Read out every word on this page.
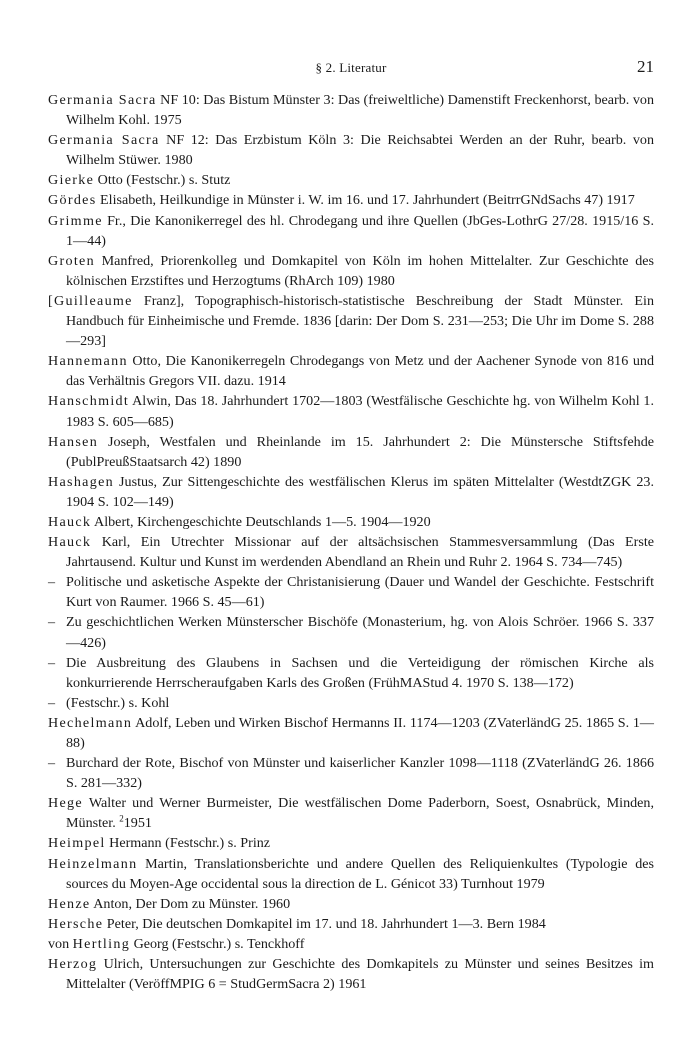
§ 2. Literatur	21

Germania Sacra NF 10: Das Bistum Münster 3: Das (freiweltliche) Damenstift Freckenhorst, bearb. von Wilhelm Kohl. 1975

Germania Sacra NF 12: Das Erzbistum Köln 3: Die Reichsabtei Werden an der Ruhr, bearb. von Wilhelm Stüwer. 1980

Gierke Otto (Festschr.) s. Stutz

Gördes Elisabeth, Heilkundige in Münster i. W. im 16. und 17. Jahrhundert (BeitrrGNdSachs 47) 1917

Grimme Fr., Die Kanonikerregel des hl. Chrodegang und ihre Quellen (JbGes-LothrG 27/28. 1915/16 S. 1—44)

Groten Manfred, Priorenkolleg und Domkapitel von Köln im hohen Mittelalter. Zur Geschichte des kölnischen Erzstiftes und Herzogtums (RhArch 109) 1980

[Guilleaume Franz], Topographisch-historisch-statistische Beschreibung der Stadt Münster. Ein Handbuch für Einheimische und Fremde. 1836 [darin: Der Dom S. 231—253; Die Uhr im Dome S. 288—293]

Hannemann Otto, Die Kanonikerregeln Chrodegangs von Metz und der Aachener Synode von 816 und das Verhältnis Gregors VII. dazu. 1914

Hanschmidt Alwin, Das 18. Jahrhundert 1702—1803 (Westfälische Geschichte hg. von Wilhelm Kohl 1. 1983 S. 605—685)

Hansen Joseph, Westfalen und Rheinlande im 15. Jahrhundert 2: Die Münstersche Stiftsfehde (PublPreußStaatsarch 42) 1890

Hashagen Justus, Zur Sittengeschichte des westfälischen Klerus im späten Mittelalter (WestdtZGK 23. 1904 S. 102—149)

Hauck Albert, Kirchengeschichte Deutschlands 1—5. 1904—1920

Hauck Karl, Ein Utrechter Missionar auf der altsächsischen Stammesversammlung (Das Erste Jahrtausend. Kultur und Kunst im werdenden Abendland an Rhein und Ruhr 2. 1964 S. 734—745)

– Politische und asketische Aspekte der Christanisierung (Dauer und Wandel der Geschichte. Festschrift Kurt von Raumer. 1966 S. 45—61)

– Zu geschichtlichen Werken Münsterscher Bischöfe (Monasterium, hg. von Alois Schröer. 1966 S. 337—426)

– Die Ausbreitung des Glaubens in Sachsen und die Verteidigung der römischen Kirche als konkurrierende Herrscheraufgaben Karls des Großen (FrühMAStud 4. 1970 S. 138—172)

– (Festschr.) s. Kohl

Hechelmann Adolf, Leben und Wirken Bischof Hermanns II. 1174—1203 (ZVaterländG 25. 1865 S. 1—88)

– Burchard der Rote, Bischof von Münster und kaiserlicher Kanzler 1098—1118 (ZVaterländG 26. 1866 S. 281—332)

Hege Walter und Werner Burmeister, Die westfälischen Dome Paderborn, Soest, Osnabrück, Minden, Münster. $^2$1951

Heimpel Hermann (Festschr.) s. Prinz

Heinzelmann Martin, Translationsberichte und andere Quellen des Reliquienkultes (Typologie des sources du Moyen-Age occidental sous la direction de L. Génicot 33) Turnhout 1979

Henze Anton, Der Dom zu Münster. 1960

Hersche Peter, Die deutschen Domkapitel im 17. und 18. Jahrhundert 1—3. Bern 1984

von Hertling Georg (Festschr.) s. Tenckhoff

Herzog Ulrich, Untersuchungen zur Geschichte des Domkapitels zu Münster und seines Besitzes im Mittelalter (VeröffMPIG 6 = StudGermSacra 2) 1961
